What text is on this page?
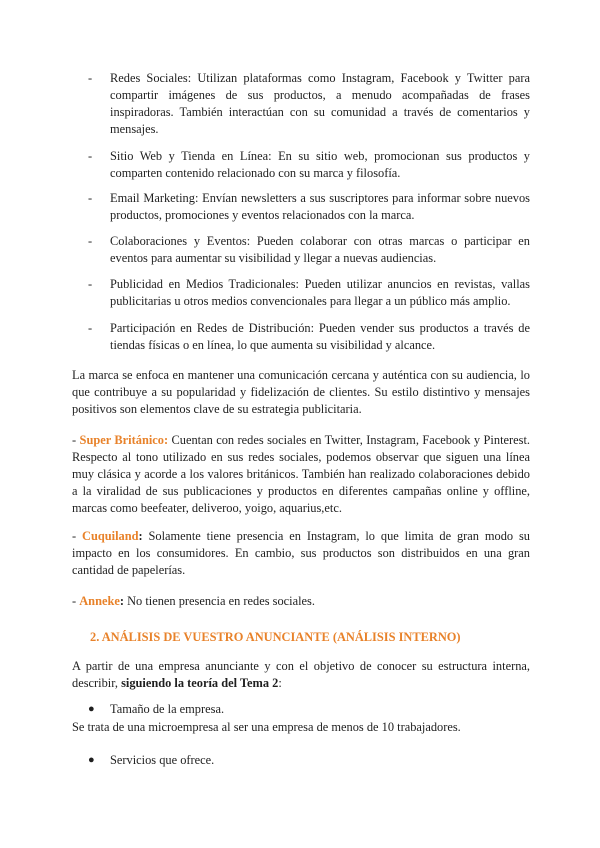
- Redes Sociales: Utilizan plataformas como Instagram, Facebook y Twitter para compartir imágenes de sus productos, a menudo acompañadas de frases inspiradoras. También interactúan con su comunidad a través de comentarios y mensajes.
- Sitio Web y Tienda en Línea: En su sitio web, promocionan sus productos y comparten contenido relacionado con su marca y filosofía.
- Email Marketing: Envían newsletters a sus suscriptores para informar sobre nuevos productos, promociones y eventos relacionados con la marca.
- Colaboraciones y Eventos: Pueden colaborar con otras marcas o participar en eventos para aumentar su visibilidad y llegar a nuevas audiencias.
- Publicidad en Medios Tradicionales: Pueden utilizar anuncios en revistas, vallas publicitarias u otros medios convencionales para llegar a un público más amplio.
- Participación en Redes de Distribución: Pueden vender sus productos a través de tiendas físicas o en línea, lo que aumenta su visibilidad y alcance.
La marca se enfoca en mantener una comunicación cercana y auténtica con su audiencia, lo que contribuye a su popularidad y fidelización de clientes. Su estilo distintivo y mensajes positivos son elementos clave de su estrategia publicitaria.
- Super Británico: Cuentan con redes sociales en Twitter, Instagram, Facebook y Pinterest. Respecto al tono utilizado en sus redes sociales, podemos observar que siguen una línea muy clásica y acorde a los valores británicos. También han realizado colaboraciones debido a la viralidad de sus publicaciones y productos en diferentes campañas online y offline, marcas como beefeater, deliveroo, yoigo, aquarius,etc.
- Cuquiland: Solamente tiene presencia en Instagram, lo que limita de gran modo su impacto en los consumidores. En cambio, sus productos son distribuidos en una gran cantidad de papelerías.
- Anneke: No tienen presencia en redes sociales.
2. ANÁLISIS DE VUESTRO ANUNCIANTE (ANÁLISIS INTERNO)
A partir de una empresa anunciante y con el objetivo de conocer su estructura interna, describir, siguiendo la teoría del Tema 2:
● Tamaño de la empresa.
Se trata de una microempresa al ser una empresa de menos de 10 trabajadores.
● Servicios que ofrece.
